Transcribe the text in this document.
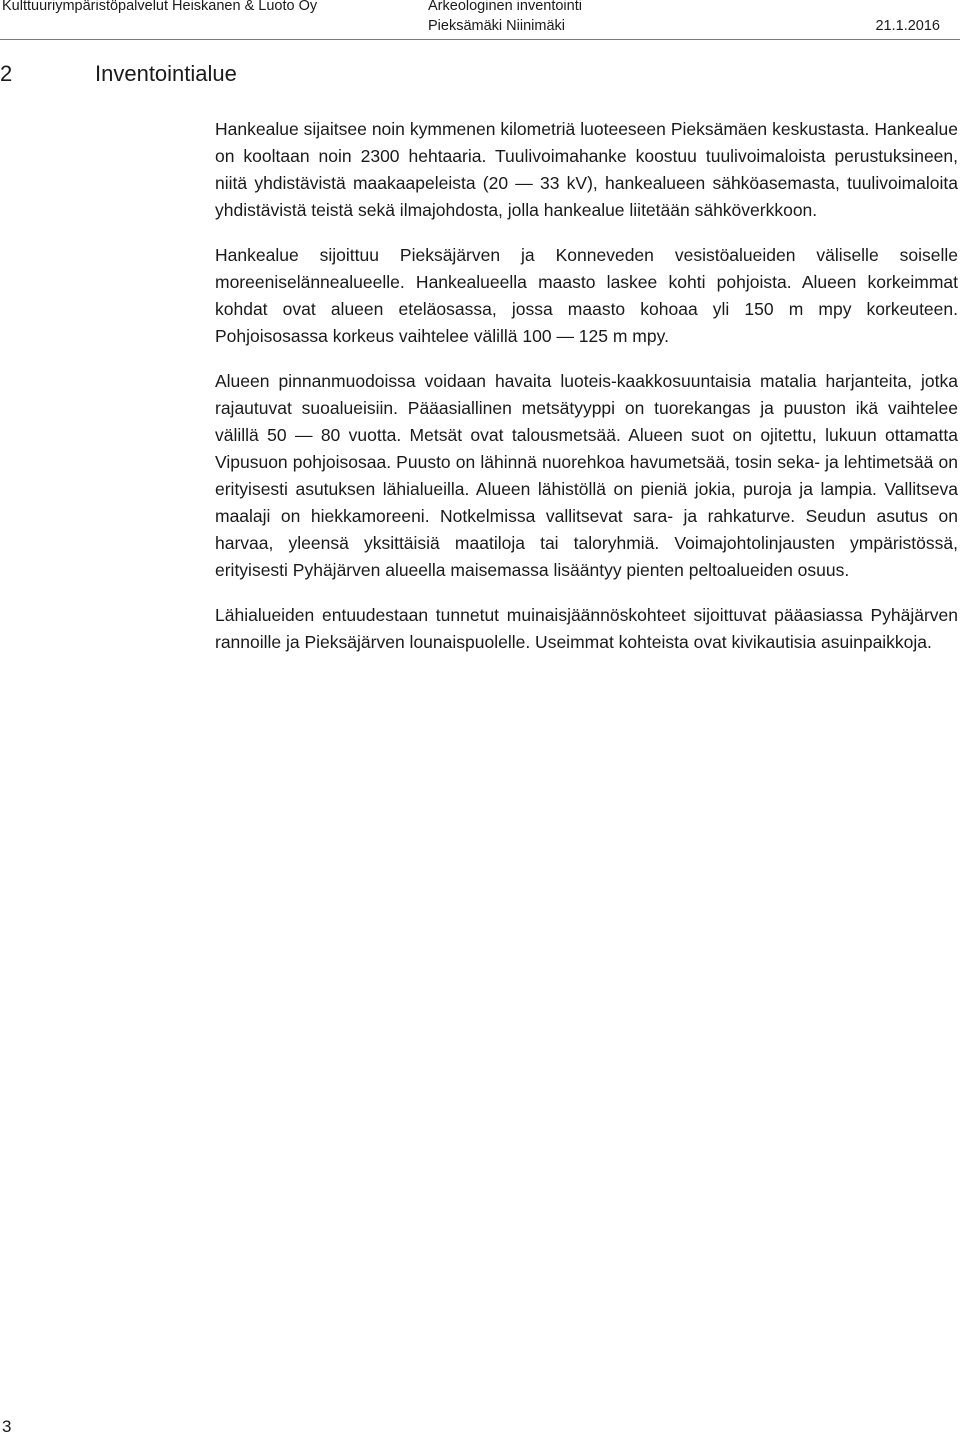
Kulttuuriympäristöpalvelut Heiskanen & Luoto Oy	Arkeologinen inventointi
Pieksämäki Niinimäki	21.1.2016
2	Inventointialue

Hankealue sijaitsee noin kymmenen kilometriä luoteeseen Pieksämäen keskustasta. Hankealue on kooltaan noin 2300 hehtaaria. Tuulivoimahanke koostuu tuulivoimaloista perustuksineen, niitä yhdistävistä maakaapeleista (20 — 33 kV), hankealueen sähköasemasta, tuulivoimaloita yhdistävistä teistä sekä ilmajohdosta, jolla hankealue liitetään sähköverkkoon.

Hankealue sijoittuu Pieksäjärven ja Konneveden vesistöalueiden väliselle soiselle moreeniselännealueelle. Hankealueella maasto laskee kohti pohjoista. Alueen korkeimmat kohdat ovat alueen eteläosassa, jossa maasto kohoaa yli 150 m mpy korkeuteen. Pohjoisosassa korkeus vaihtelee välillä 100 — 125 m mpy.

Alueen pinnanmuodoissa voidaan havaita luoteis-kaakkosuuntaisia matalia harjanteita, jotka rajautuvat suoalueisiin. Pääasiallinen metsätyyppi on tuorekangas ja puuston ikä vaihtelee välillä 50 — 80 vuotta. Metsät ovat talousmetsää. Alueen suot on ojitettu, lukuun ottamatta Vipusuon pohjoisosaa. Puusto on lähinnä nuorehkoa havumetsää, tosin seka- ja lehtimetsää on erityisesti asutuksen lähialueilla. Alueen lähistöllä on pieniä jokia, puroja ja lampia. Vallitseva maalaji on hiekkamoreeni. Notkelmissa vallitsevat sara- ja rahkaturve. Seudun asutus on harvaa, yleensä yksittäisiä maatiloja tai taloryhmiä. Voimajohtolinjausten ympäristössä, erityisesti Pyhäjärven alueella maisemassa lisääntyy pienten peltoalueiden osuus.

Lähialueiden entuudestaan tunnetut muinaisjäännöskohteet sijoittuvat pääasiassa Pyhäjärven rannoille ja Pieksäjärven lounaispuolelle. Useimmat kohteista ovat kivikautisia asuinpaikkoja.

3
